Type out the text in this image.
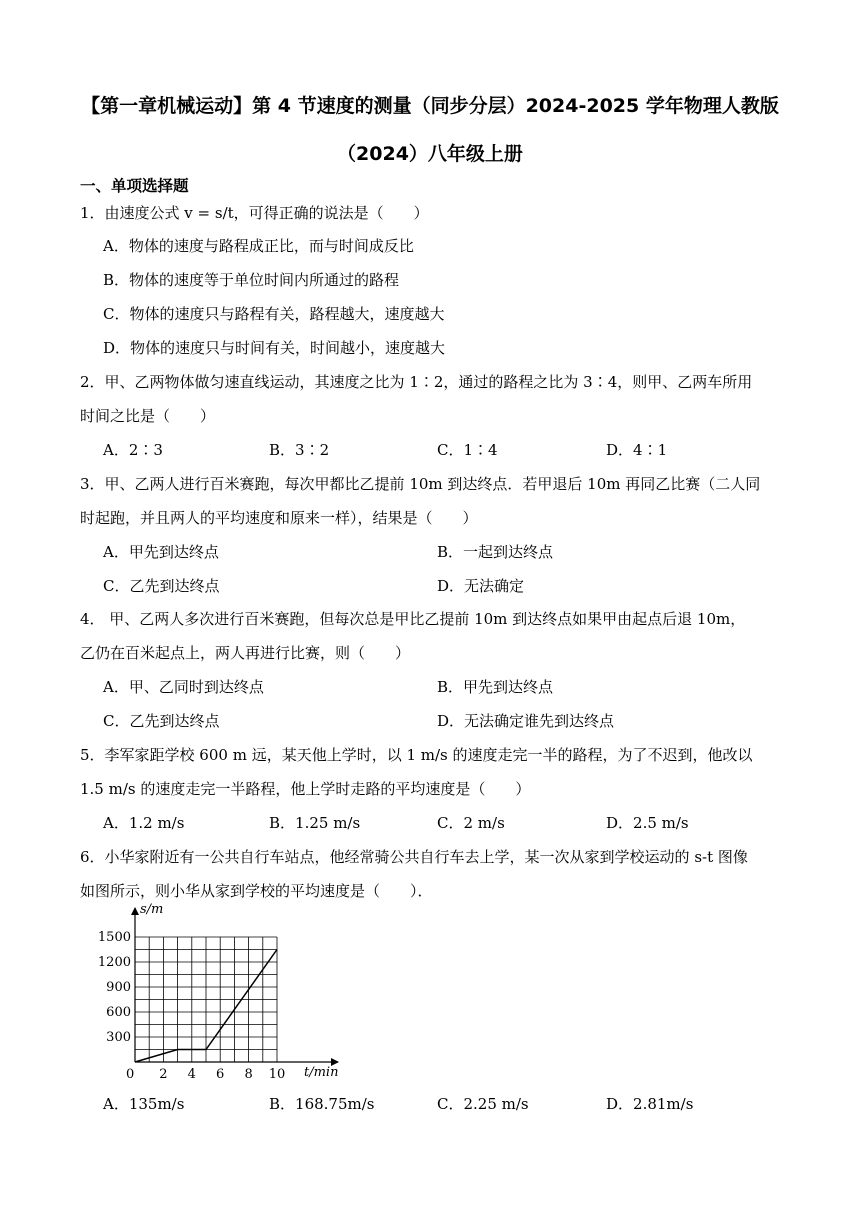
【第一章机械运动】第 4 节速度的测量（同步分层）2024-2025 学年物理人教版
（2024）八年级上册
一、单项选择题
1．由速度公式 v = s/t，可得正确的说法是（　　）
A．物体的速度与路程成正比，而与时间成反比
B．物体的速度等于单位时间内所通过的路程
C．物体的速度只与路程有关，路程越大，速度越大
D．物体的速度只与时间有关，时间越小，速度越大
2．甲、乙两物体做匀速直线运动，其速度之比为 1∶2，通过的路程之比为 3∶4，则甲、乙两车所用
时间之比是（　　）
A．2∶3	B．3∶2	C．1∶4	D．4∶1
3．甲、乙两人进行百米赛跑，每次甲都比乙提前 10m 到达终点．若甲退后 10m 再同乙比赛（二人同
时起跑，并且两人的平均速度和原来一样），结果是（　　）
A．甲先到达终点	B．一起到达终点
C．乙先到达终点	D．无法确定
4． 甲、乙两人多次进行百米赛跑，但每次总是甲比乙提前 10m 到达终点如果甲由起点后退 10m，
乙仍在百米起点上，两人再进行比赛，则（　　）
A．甲、乙同时到达终点	B．甲先到达终点
C．乙先到达终点	D．无法确定谁先到达终点
5．李军家距学校 600 m 远，某天他上学时，以 1 m/s 的速度走完一半的路程，为了不迟到，他改以
1.5 m/s 的速度走完一半路程，他上学时走路的平均速度是（　　）
A．1.2 m/s	B．1.25 m/s	C．2 m/s	D．2.5 m/s
6．小华家附近有一公共自行车站点，他经常骑公共自行车去上学，某一次从家到学校运动的 s-t 图像
如图所示，则小华从家到学校的平均速度是（　　）．
2 4 6 8 10
300
600
900
1200
1500
s/m
t/min
0
A．135m/s	B．168.75m/s	C．2.25 m/s	D．2.81m/s
